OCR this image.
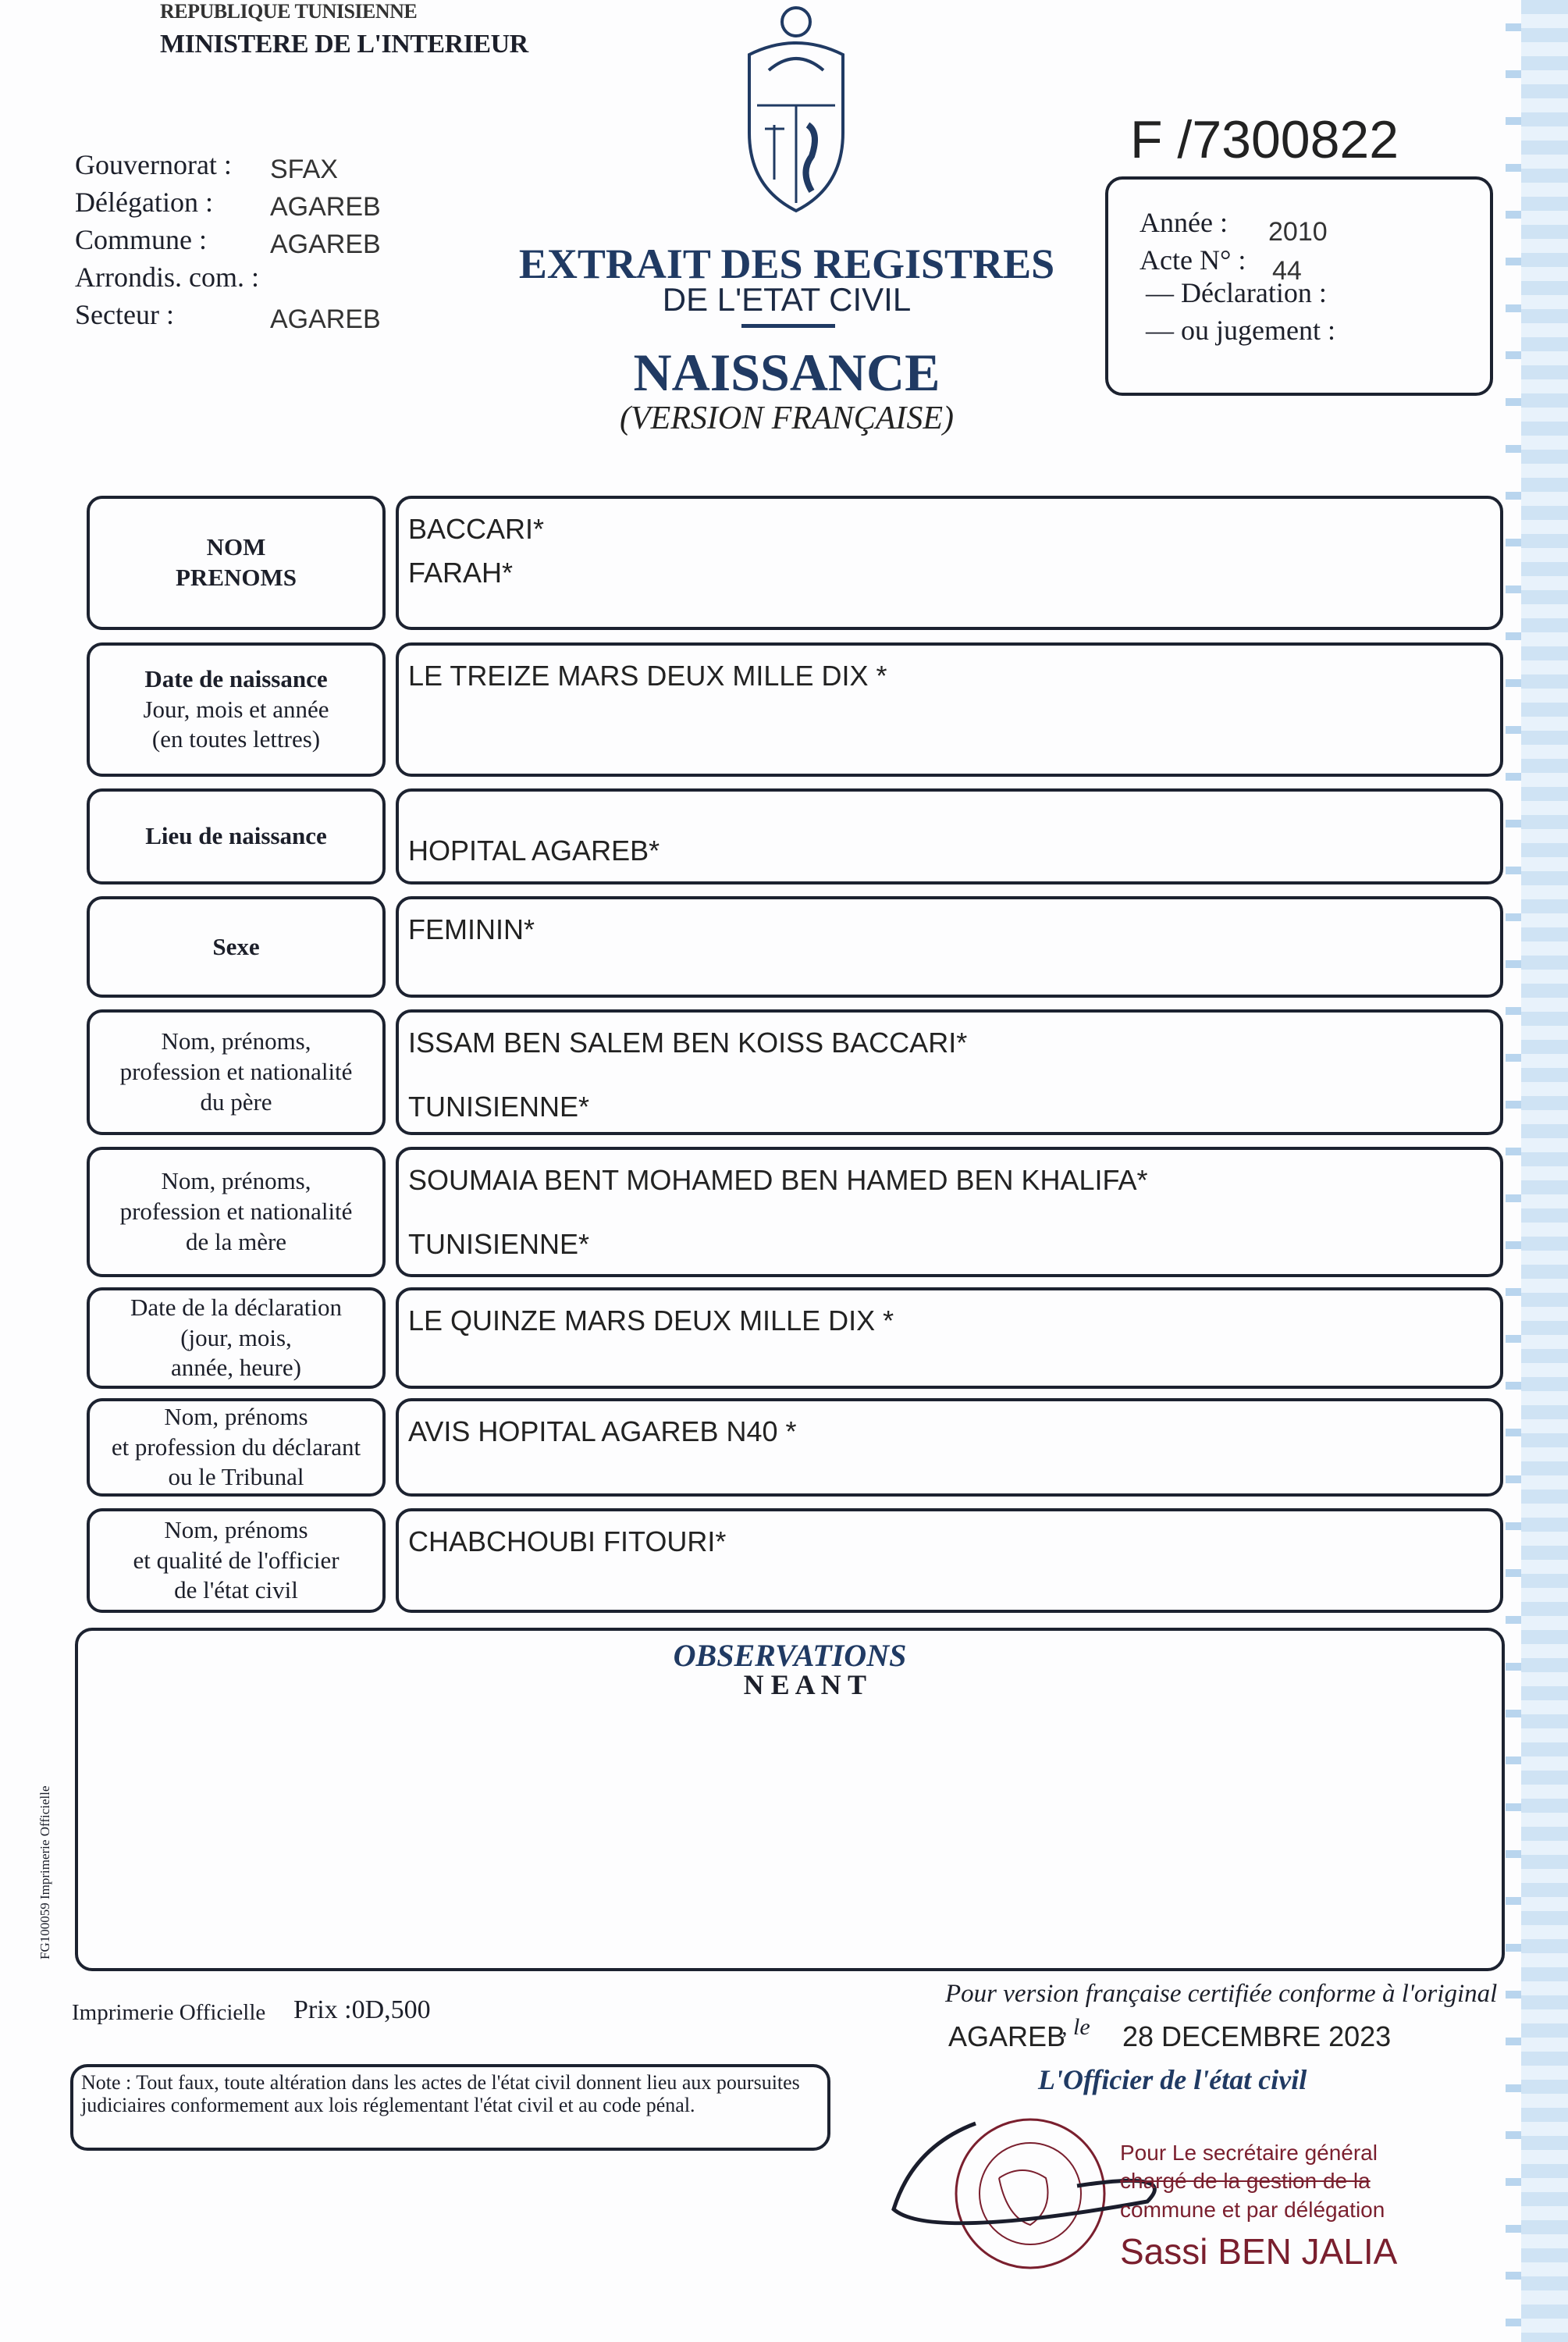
REPUBLIQUE TUNISIENNE
MINISTERE DE L'INTERIEUR
Gouvernorat : SFAX
Délégation : AGAREB
Commune : AGAREB
Arrondis. com. :
Secteur :	AGAREB
F /7300822
Année : 2010
Acte N° : 44
— Déclaration :
— ou jugement :
EXTRAIT DES REGISTRES
DE L'ETAT CIVIL
NAISSANCE
(VERSION FRANÇAISE)
NOM
PRENOMS
BACCARI*
FARAH*
Date de naissance
Jour, mois et année
(en toutes lettres)
LE TREIZE MARS DEUX MILLE DIX *
Lieu de naissance	HOPITAL AGAREB*
Sexe
FEMININ*
Nom, prénoms,
profession et nationalité
du père
ISSAM BEN SALEM BEN KOISS BACCARI*
TUNISIENNE*
Nom, prénoms,
profession et nationalité
de la mère
SOUMAIA BENT MOHAMED BEN HAMED BEN KHALIFA*
TUNISIENNE*
Date de la déclaration
(jour, mois,
année, heure)
LE QUINZE MARS DEUX MILLE DIX *
Nom, prénoms
et profession du déclarant
ou le Tribunal
AVIS HOPITAL AGAREB N40 *
Nom, prénoms
et qualité de l'officier
de l'état civil
CHABCHOUBI FITOURI*
OBSERVATIONS
N E A N T
FG100059 Imprimerie Officielle
Imprimerie Officielle Prix :0D,500
Pour version française certifiée conforme à l'original
AGAREB
, le 28 DECEMBRE 2023
L'Officier de l'état civil
Note : Tout faux, toute altération dans les actes de l'état civil donnent lieu aux poursuites judiciaires conformement aux lois réglementant l'état civil et au code pénal.
Pour Le secrétaire général
chargé de la gestion de la
commune et par délégation
Sassi BEN JALIA
